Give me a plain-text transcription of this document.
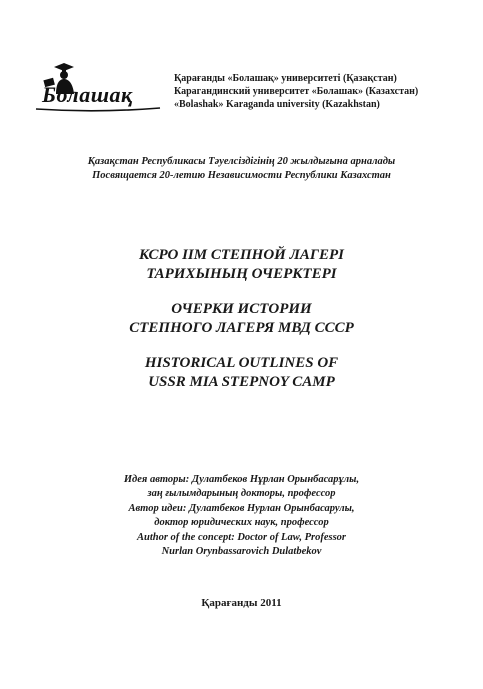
Болашақ
Қарағанды «Болашақ» университеті (Қазақстан)
Карагандинский университет «Болашак» (Казахстан)
«Bolashak» Karaganda university (Kazakhstan)
Қазақстан Республикасы Тәуелсіздігінің 20 жылдығына арналады
Посвящается 20-летию Независимости Республики Казахстан
КСРО ІІМ СТЕПНОЙ ЛАГЕРІ
ТАРИХЫНЫҢ ОЧЕРКТЕРІ
ОЧЕРКИ ИСТОРИИ
СТЕПНОГО ЛАГЕРЯ МВД СССР
HISTORICAL OUTLINES OF
USSR MIA STEPNOY CAMP
Идея авторы: Дулатбеков Нұрлан Орынбасарұлы,
заң ғылымдарының докторы, профессор
Автор идеи: Дулатбеков Нурлан Орынбасарулы,
доктор юридических наук, профессор
Author of the concept: Doctor of Law, Professor
Nurlan Orynbassarovich Dulatbekov
Қарағанды 2011
